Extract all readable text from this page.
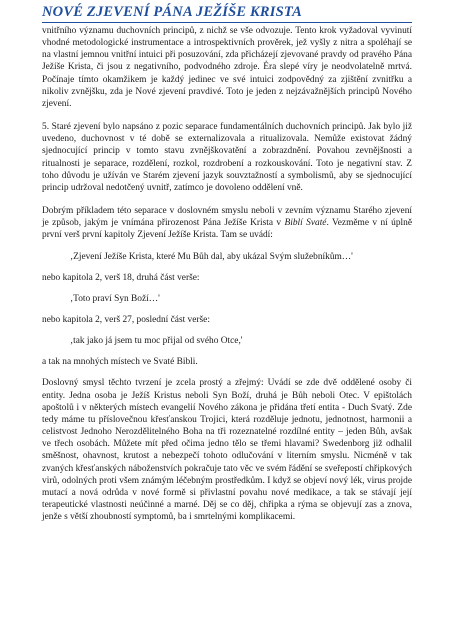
NOVÉ ZJEVENÍ PÁNA JEŽÍŠE KRISTA

vnitřního významu duchovních principů, z nichž se vše odvozuje. Tento krok vyžadoval vyvinutí vhodné metodologické instrumentace a introspektivních prověrek, jež vyšly z nitra a spoléhají se na vlastní jemnou vnitřní intuici při posuzování, zda přicházejí zjevované pravdy od pravého Pána Ježíše Krista, či jsou z negativního, podvodného zdroje. Éra slepé víry je neodvolatelně mrtvá. Počínaje tímto okamžikem je každý jedinec ve své intuici zodpovědný za zjištění zvnitřku a nikoliv zvnějšku, zda je Nové zjevení pravdivé. Toto je jeden z nejzávažnějších principů Nového zjevení.

5. Staré zjevení bylo napsáno z pozic separace fundamentálních duchovních principů. Jak bylo již uvedeno, duchovnost v té době se externalizovala a ritualizovala. Nemůže existovat žádný sjednocující princip v tomto stavu zvnějškovatění a zobrazdnění. Povahou zevnějšnosti a ritualnosti je separace, rozdělení, rozkol, rozdrobení a rozkouskování. Toto je negativní stav. Z toho důvodu je užíván ve Starém zjevení jazyk souvztažností a symbolismů, aby se sjednocující princip udržoval nedotčený uvnitř, zatímco je dovoleno oddělení vně.

Dobrým příkladem této separace v doslovném smyslu neboli v zevním významu Starého zjevení je způsob, jakým je vnímána přirozenost Pána Ježíše Krista v Biblí Svaté. Vezměme v ní úplně první verš první kapitoly Zjevení Ježíše Krista. Tam se uvádí:

‚Zjevení Ježíše Krista, které Mu Bůh dal, aby ukázal Svým služebníkům…'

nebo kapitola 2, verš 18, druhá část verše:

‚Toto praví Syn Boží…'

nebo kapitola 2, verš 27, poslední část verše:

‚tak jako já jsem tu moc přijal od svého Otce,'

a tak na mnohých místech ve Svaté Bibli.

Doslovný smysl těchto tvrzení je zcela prostý a zřejmý: Uvádí se zde dvě oddělené osoby či entity. Jedna osoba je Ježíš Kristus neboli Syn Boží, druhá je Bůh neboli Otec. V epištolách apoštolů i v některých místech evangelií Nového zákona je přidána třetí entita - Duch Svatý. Zde tedy máme tu příslovečnou křesťanskou Trojici, která rozděluje jednotu, jednotnost, harmonii a celistvost Jednoho Nerozdělitelného Boha na tři rozeznatelné rozdílné entity – jeden Bůh, avšak ve třech osobách. Můžete mít před očima jedno tělo se třemi hlavami? Swedenborg již odhalil směšnost, ohavnost, krutost a nebezpečí tohoto odlučování v literním smyslu. Nicméně v tak zvaných křesťanských náboženstvích pokračuje tato věc ve svém řádění se sveřepostí chřipkových virů, odolných proti všem známým léčebným prostředkům. I když se objeví nový lék, virus projde mutací a nová odrůda v nové formě si přivlastní povahu nové medikace, a tak se stávají její terapeutické vlastnosti neúčinné a marné. Děj se co děj, chřipka a rýma se objevují zas a znova, jenže s větší zhoubností symptomů, ba i smrtelnými komplikacemi.
